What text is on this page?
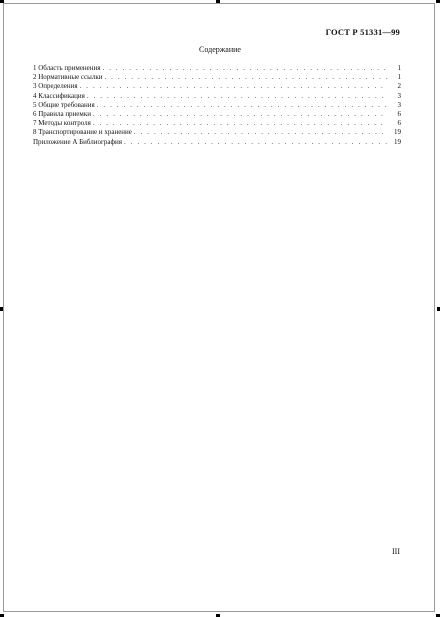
ГОСТ Р 51331—99
Содержание
1 Область применения . . .	1
2 Нормативные ссылки . . .	1
3 Определения . . .	2
4 Классификация . . .	3
5 Общие требования . . .	3
6 Правила приемки . . .	6
7 Методы контроля . . .	6
8 Транспортирование и хранение . . .	19
Приложение А Библиография . . .	19
III
